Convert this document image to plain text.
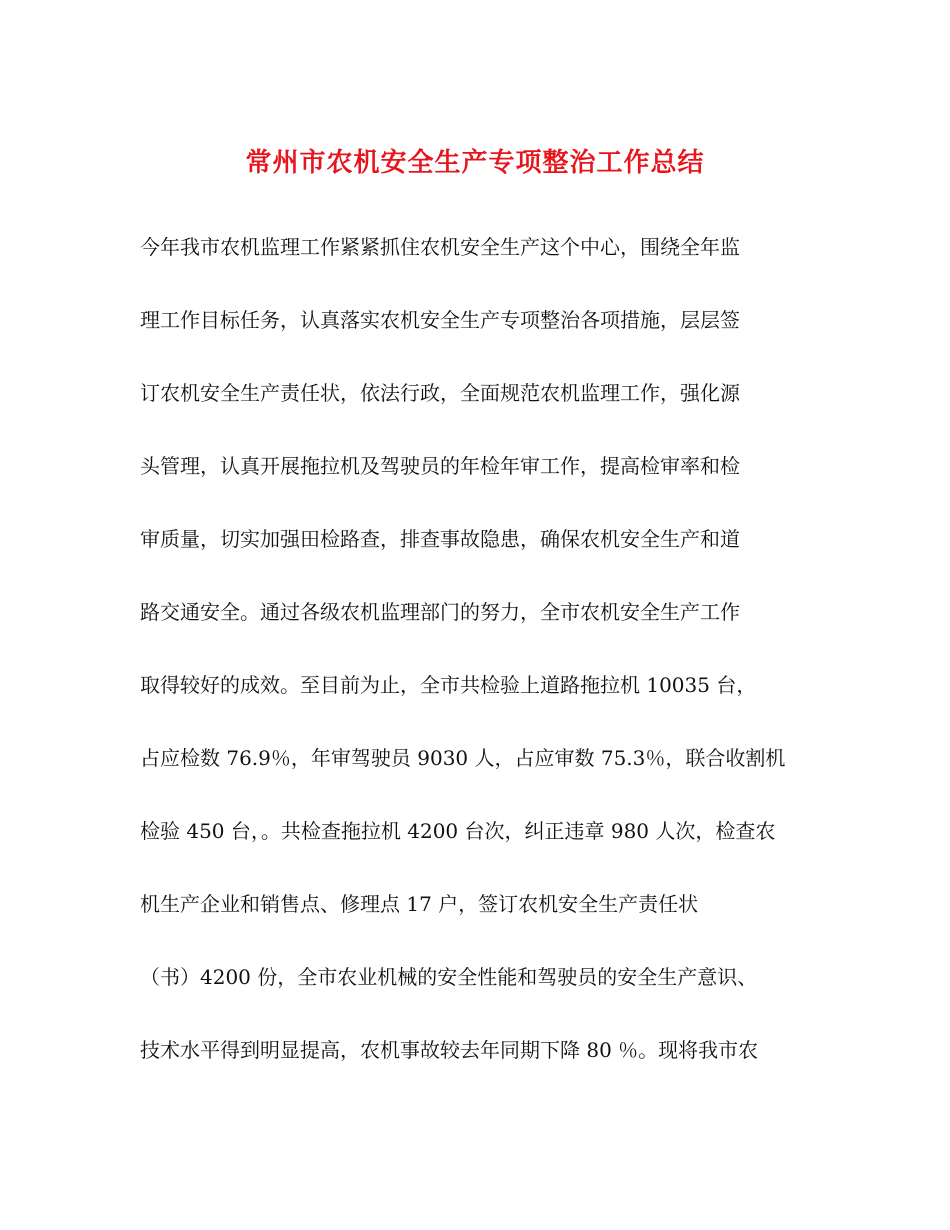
常州市农机安全生产专项整治工作总结
今年我市农机监理工作紧紧抓住农机安全生产这个中心，围绕全年监
理工作目标任务，认真落实农机安全生产专项整治各项措施，层层签
订农机安全生产责任状，依法行政，全面规范农机监理工作，强化源
头管理，认真开展拖拉机及驾驶员的年检年审工作，提高检审率和检
审质量，切实加强田检路查，排查事故隐患，确保农机安全生产和道
路交通安全。通过各级农机监理部门的努力，全市农机安全生产工作
取得较好的成效。至目前为止，全市共检验上道路拖拉机 10035 台，
占应检数 76.9％，年审驾驶员 9030 人，占应审数 75.3％，联合收割机
检验 450 台，。共检查拖拉机 4200 台次，纠正违章 980 人次，检查农
机生产企业和销售点、修理点 17 户，签订农机安全生产责任状
（书）4200 份，全市农业机械的安全性能和驾驶员的安全生产意识、
技术水平得到明显提高，农机事故较去年同期下降 80 ％。现将我市农
